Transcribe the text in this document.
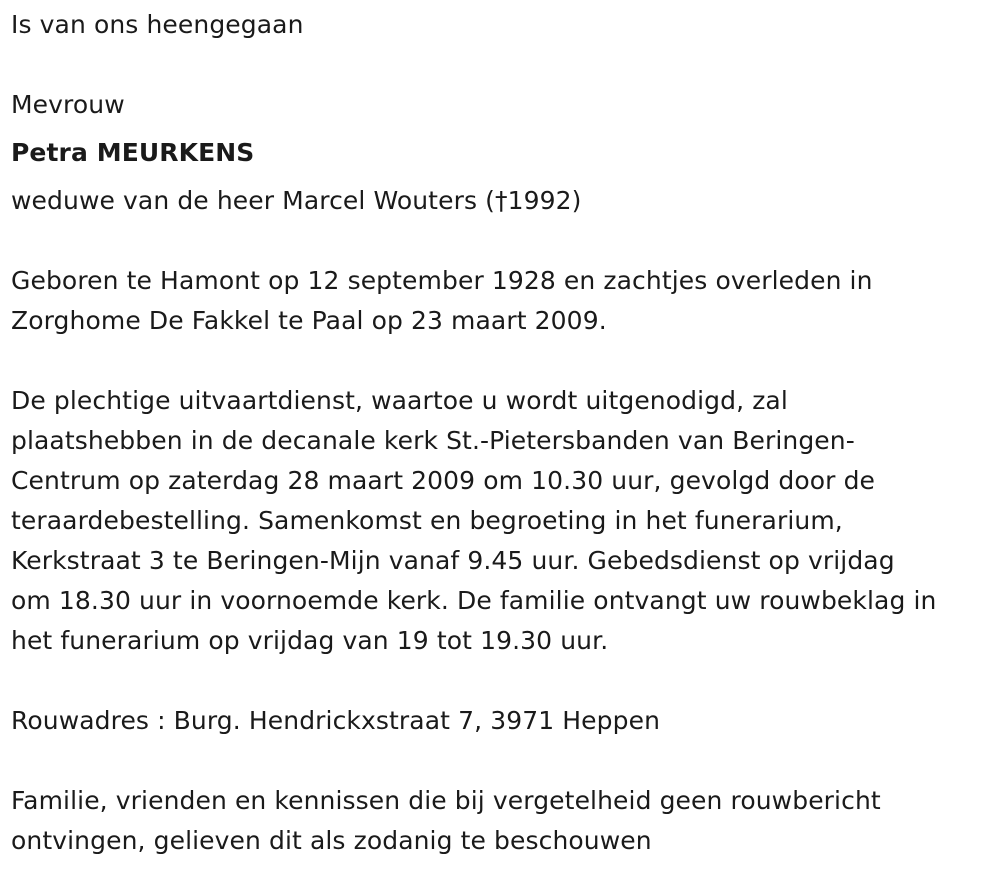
Is van ons heengegaan

Mevrouw

Petra MEURKENS

weduwe van de heer Marcel Wouters (†1992)

Geboren te Hamont op 12 september 1928 en zachtjes overleden in

Zorghome De Fakkel te Paal op 23 maart 2009.

De plechtige uitvaartdienst, waartoe u wordt uitgenodigd, zal

plaatshebben in de decanale kerk St.-Pietersbanden van Beringen-

Centrum op zaterdag 28 maart 2009 om 10.30 uur, gevolgd door de

teraardebestelling. Samenkomst en begroeting in het funerarium,

Kerkstraat 3 te Beringen-Mijn vanaf 9.45 uur. Gebedsdienst op vrijdag

om 18.30 uur in voornoemde kerk. De familie ontvangt uw rouwbeklag in

het funerarium op vrijdag van 19 tot 19.30 uur.

Rouwadres : Burg. Hendrickxstraat 7, 3971 Heppen

Familie, vrienden en kennissen die bij vergetelheid geen rouwbericht

ontvingen, gelieven dit als zodanig te beschouwen
